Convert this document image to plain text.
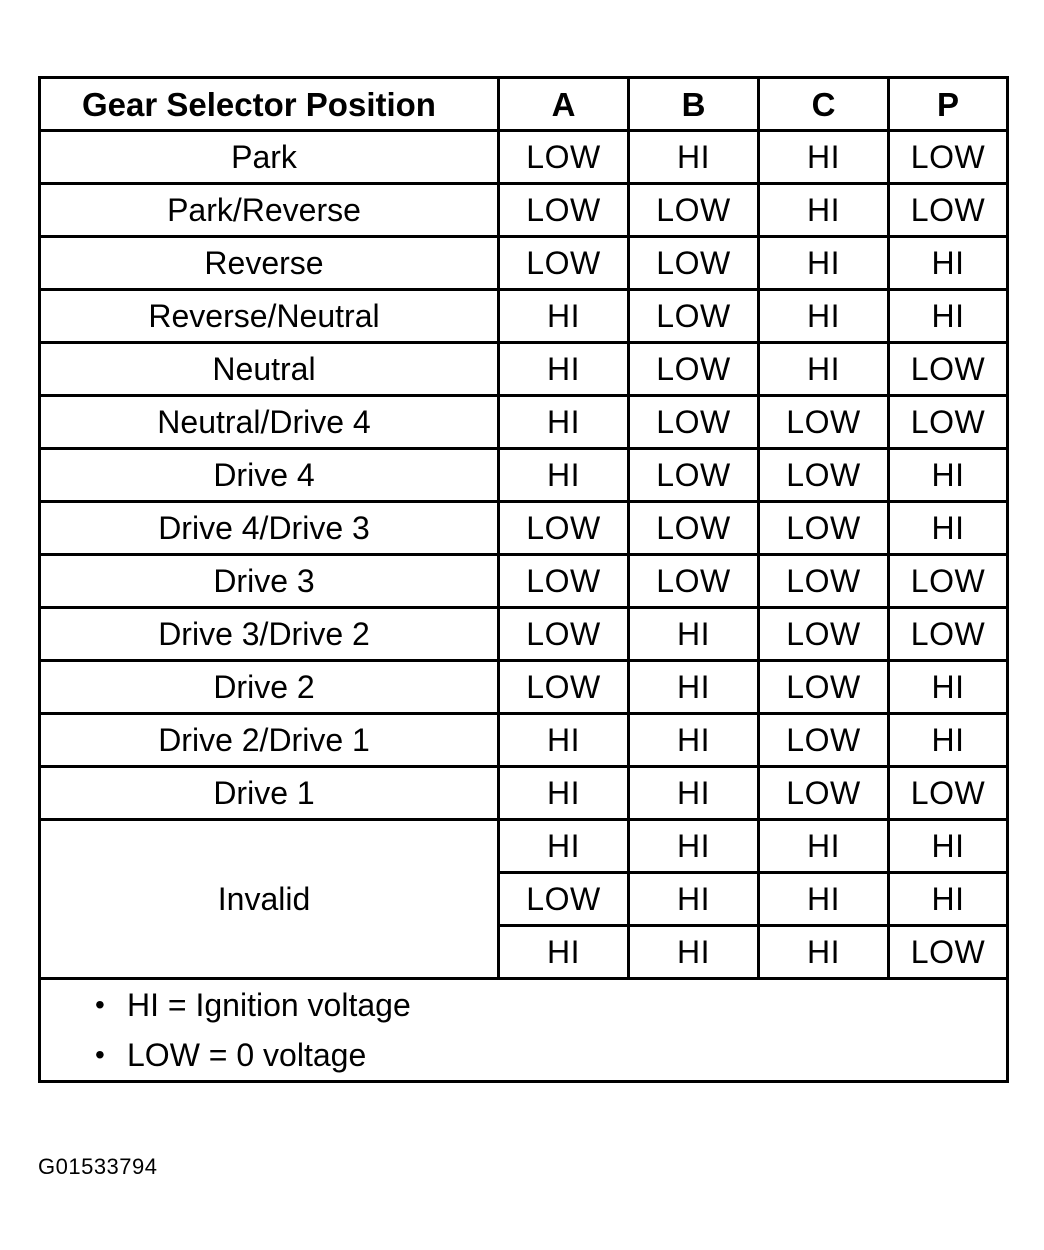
Gear Selector Position	A	B	C	P
Park	LOW	HI	HI	LOW
Park/Reverse	LOW	LOW	HI	LOW
Reverse	LOW	LOW	HI	HI
Reverse/Neutral	HI	LOW	HI	HI
Neutral	HI	LOW	HI	LOW
Neutral/Drive 4	HI	LOW	LOW	LOW
Drive 4	HI	LOW	LOW	HI
Drive 4/Drive 3	LOW	LOW	LOW	HI
Drive 3	LOW	LOW	LOW	LOW
Drive 3/Drive 2	LOW	HI	LOW	LOW
Drive 2	LOW	HI	LOW	HI
Drive 2/Drive 1	HI	HI	LOW	HI
Drive 1	HI	HI	LOW	LOW
Invalid	HI	HI	HI	HI
	LOW	HI	HI	HI
	HI	HI	HI	LOW

• HI = Ignition voltage
• LOW = 0 voltage				
G01533794
